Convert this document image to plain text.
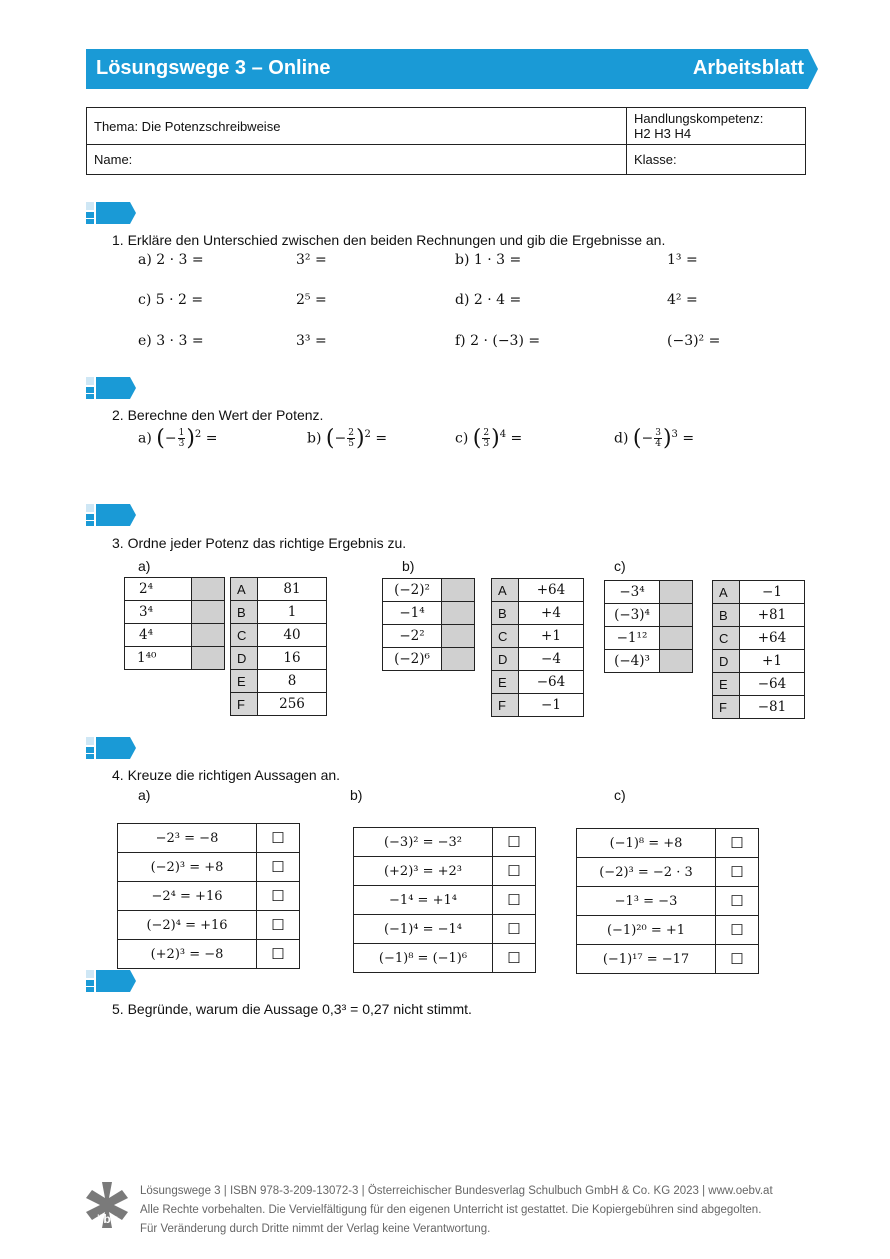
Lösungswege 3 – Online	Arbeitsblatt
Thema: Die Potenzschreibweise	Handlungskompetenz:
H2 H3 H4
Name:	Klasse:
1. Erkläre den Unterschied zwischen den beiden Rechnungen und gib die Ergebnisse an.
a) 2 · 3 =	3² =	b) 1 · 3 =	1³ =
c) 5 · 2 =	2⁵ =	d) 2 · 4 =	4² =
e) 3 · 3 =	3³ =	f) 2 · (−3) =	(−3)² =
2. Berechne den Wert der Potenz.
a) (− $\frac{1}{3} )^2$ =	b) (− $\frac{2}{5} )^2$ =	c) ( $\frac{2}{3} )^4$ =	d) (− $\frac{3}{4} )^3$ =
3. Ordne jeder Potenz das richtige Ergebnis zu.
a)	b)	c)
2⁴	
3⁴	
4⁴	
1⁴⁰	
A	81
B	1
C	40
D	16
E	8
F	256
(−2)²	
−1⁴	
−2²	
(−2)⁶	
A	+64
B	+4
C	+1
D	−4
E	−64
F	−1
−3⁴	
(−3)⁴	
−1¹²	
(−4)³	
A	−1
B	+81
C	+64
D	+1
E	−64
F	−81
4. Kreuze die richtigen Aussagen an.
a)	b)	c)
−2³ = −8	☐
(−2)³ = +8	☐
−2⁴ = +16	☐
(−2)⁴ = +16	☐
(+2)³ = −8	☐
(−3)² = −3²	☐
(+2)³ = +2³	☐
−1⁴ = +1⁴	☐
(−1)⁴ = −1⁴	☐
(−1)⁸ = (−1)⁶	☐
(−1)⁸ = +8	☐
(−2)³ = −2 · 3	☐
−1³ = −3	☐
(−1)²⁰ = +1	☐
(−1)¹⁷ = −17	☐
5. Begründe, warum die Aussage 0,3³ = 0,27 nicht stimmt.
öbv
Lösungswege 3 | ISBN 978-3-209-13072-3 | Österreichischer Bundesverlag Schulbuch GmbH & Co. KG 2023 | www.oebv.at
Alle Rechte vorbehalten. Die Vervielfältigung für den eigenen Unterricht ist gestattet. Die Kopiergebühren sind abgegolten.
Für Veränderung durch Dritte nimmt der Verlag keine Verantwortung.
